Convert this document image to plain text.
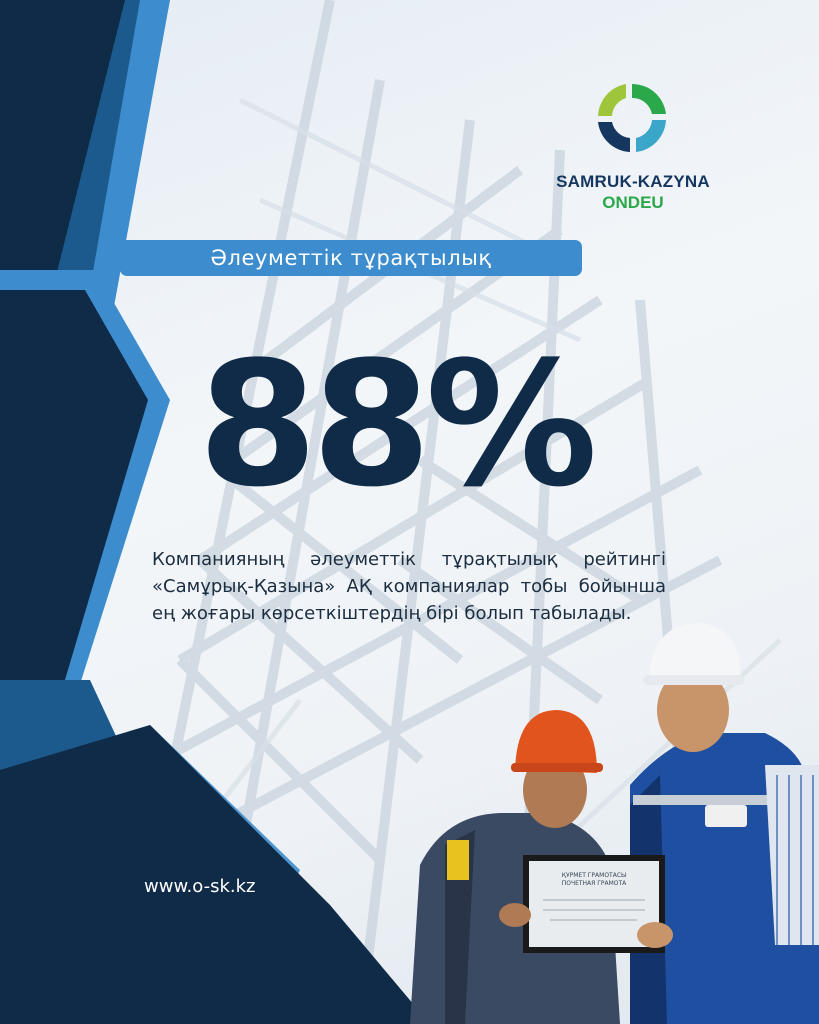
SAMRUK-KAZYNA
ONDEU
Әлеуметтік тұрақтылық
88%
Компанияның әлеуметтік тұрақтылық рейтингі «Самұрық-Қазына» АҚ компаниялар тобы бойынша ең жоғары көрсеткіштердің бірі болып табылады.
www.o-sk.kz
ҚҰРМЕТ ГРАМОТАСЫ
ПОЧЕТНАЯ ГРАМОТА
